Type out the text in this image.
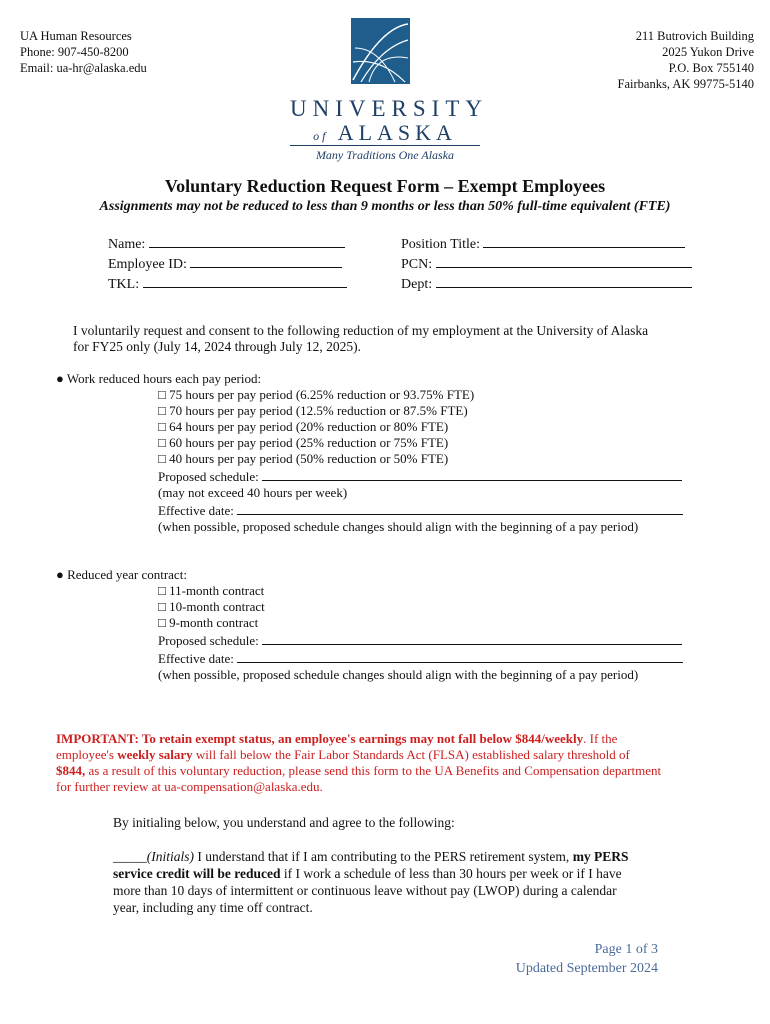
UA Human Resources
Phone: 907-450-8200
Email: ua-hr@alaska.edu
211 Butrovich Building
2025 Yukon Drive
P.O. Box 755140
Fairbanks, AK 99775-5140
UNIVERSITY
of ALASKA
Many Traditions One Alaska
Voluntary Reduction Request Form – Exempt Employees
Assignments may not be reduced to less than 9 months or less than 50% full-time equivalent (FTE)
Name:
Employee ID:
TKL:
Position Title:
PCN:
Dept:
I voluntarily request and consent to the following reduction of my employment at the University of Alaska
for FY25 only (July 14, 2024 through July 12, 2025).
● Work reduced hours each pay period:
□ 75 hours per pay period (6.25% reduction or 93.75% FTE)
□ 70 hours per pay period (12.5% reduction or 87.5% FTE)
□ 64 hours per pay period (20% reduction or 80% FTE)
□ 60 hours per pay period (25% reduction or 75% FTE)
□ 40 hours per pay period (50% reduction or 50% FTE)
Proposed schedule:
(may not exceed 40 hours per week)
Effective date:
(when possible, proposed schedule changes should align with the beginning of a pay period)
● Reduced year contract:
□ 11-month contract
□ 10-month contract
□ 9-month contract
Proposed schedule:
Effective date:
(when possible, proposed schedule changes should align with the beginning of a pay period)
IMPORTANT: To retain exempt status, an employee's earnings may not fall below $844/weekly. If the
employee's weekly salary will fall below the Fair Labor Standards Act (FLSA) established salary threshold of
$844, as a result of this voluntary reduction, please send this form to the UA Benefits and Compensation department
for further review at ua-compensation@alaska.edu.
By initialing below, you understand and agree to the following:
_____(Initials) I understand that if I am contributing to the PERS retirement system, my PERS
service credit will be reduced if I work a schedule of less than 30 hours per week or if I have
more than 10 days of intermittent or continuous leave without pay (LWOP) during a calendar
year, including any time off contract.
Page 1 of 3
Updated September 2024
